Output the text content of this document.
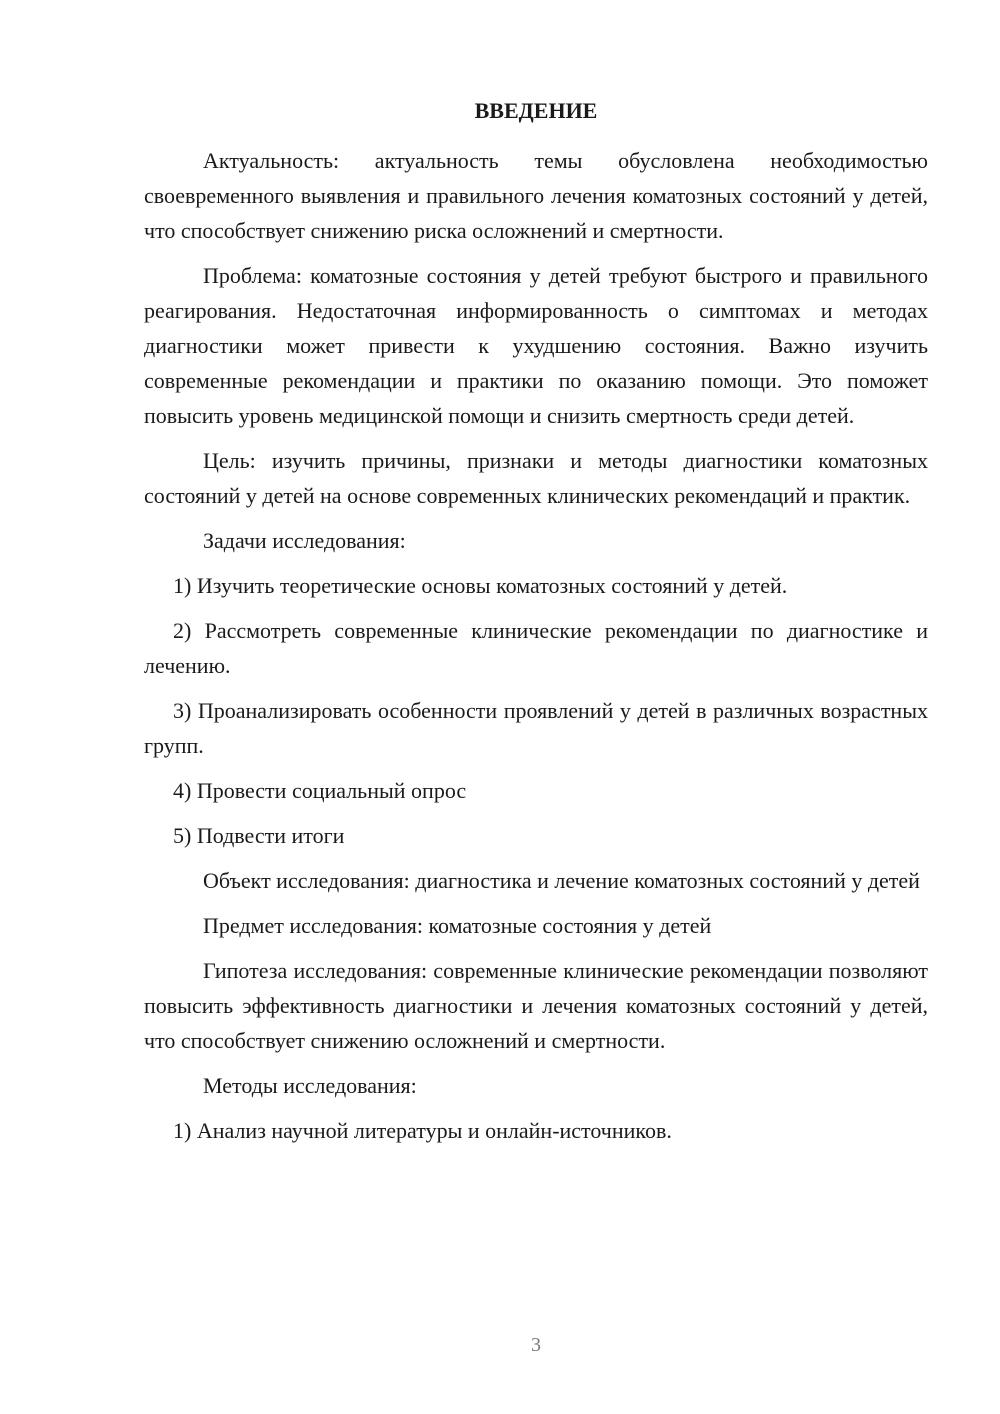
ВВЕДЕНИЕ

Актуальность: актуальность темы обусловлена необходимостью своевременного выявления и правильного лечения коматозных состояний у детей, что способствует снижению риска осложнений и смертности.

Проблема: коматозные состояния у детей требуют быстрого и правильного реагирования. Недостаточная информированность о симптомах и методах диагностики может привести к ухудшению состояния. Важно изучить современные рекомендации и практики по оказанию помощи. Это поможет повысить уровень медицинской помощи и снизить смертность среди детей.

Цель: изучить причины, признаки и методы диагностики коматозных состояний у детей на основе современных клинических рекомендаций и практик.

Задачи исследования:

1) Изучить теоретические основы коматозных состояний у детей.

2) Рассмотреть современные клинические рекомендации по диагностике и лечению.

3) Проанализировать особенности проявлений у детей в различных возрастных групп.

4) Провести социальный опрос

5) Подвести итоги

Объект исследования: диагностика и лечение коматозных состояний у детей

Предмет исследования: коматозные состояния у детей

Гипотеза исследования: современные клинические рекомендации позволяют повысить эффективность диагностики и лечения коматозных состояний у детей, что способствует снижению осложнений и смертности.

Методы исследования:

1) Анализ научной литературы и онлайн-источников.

3
